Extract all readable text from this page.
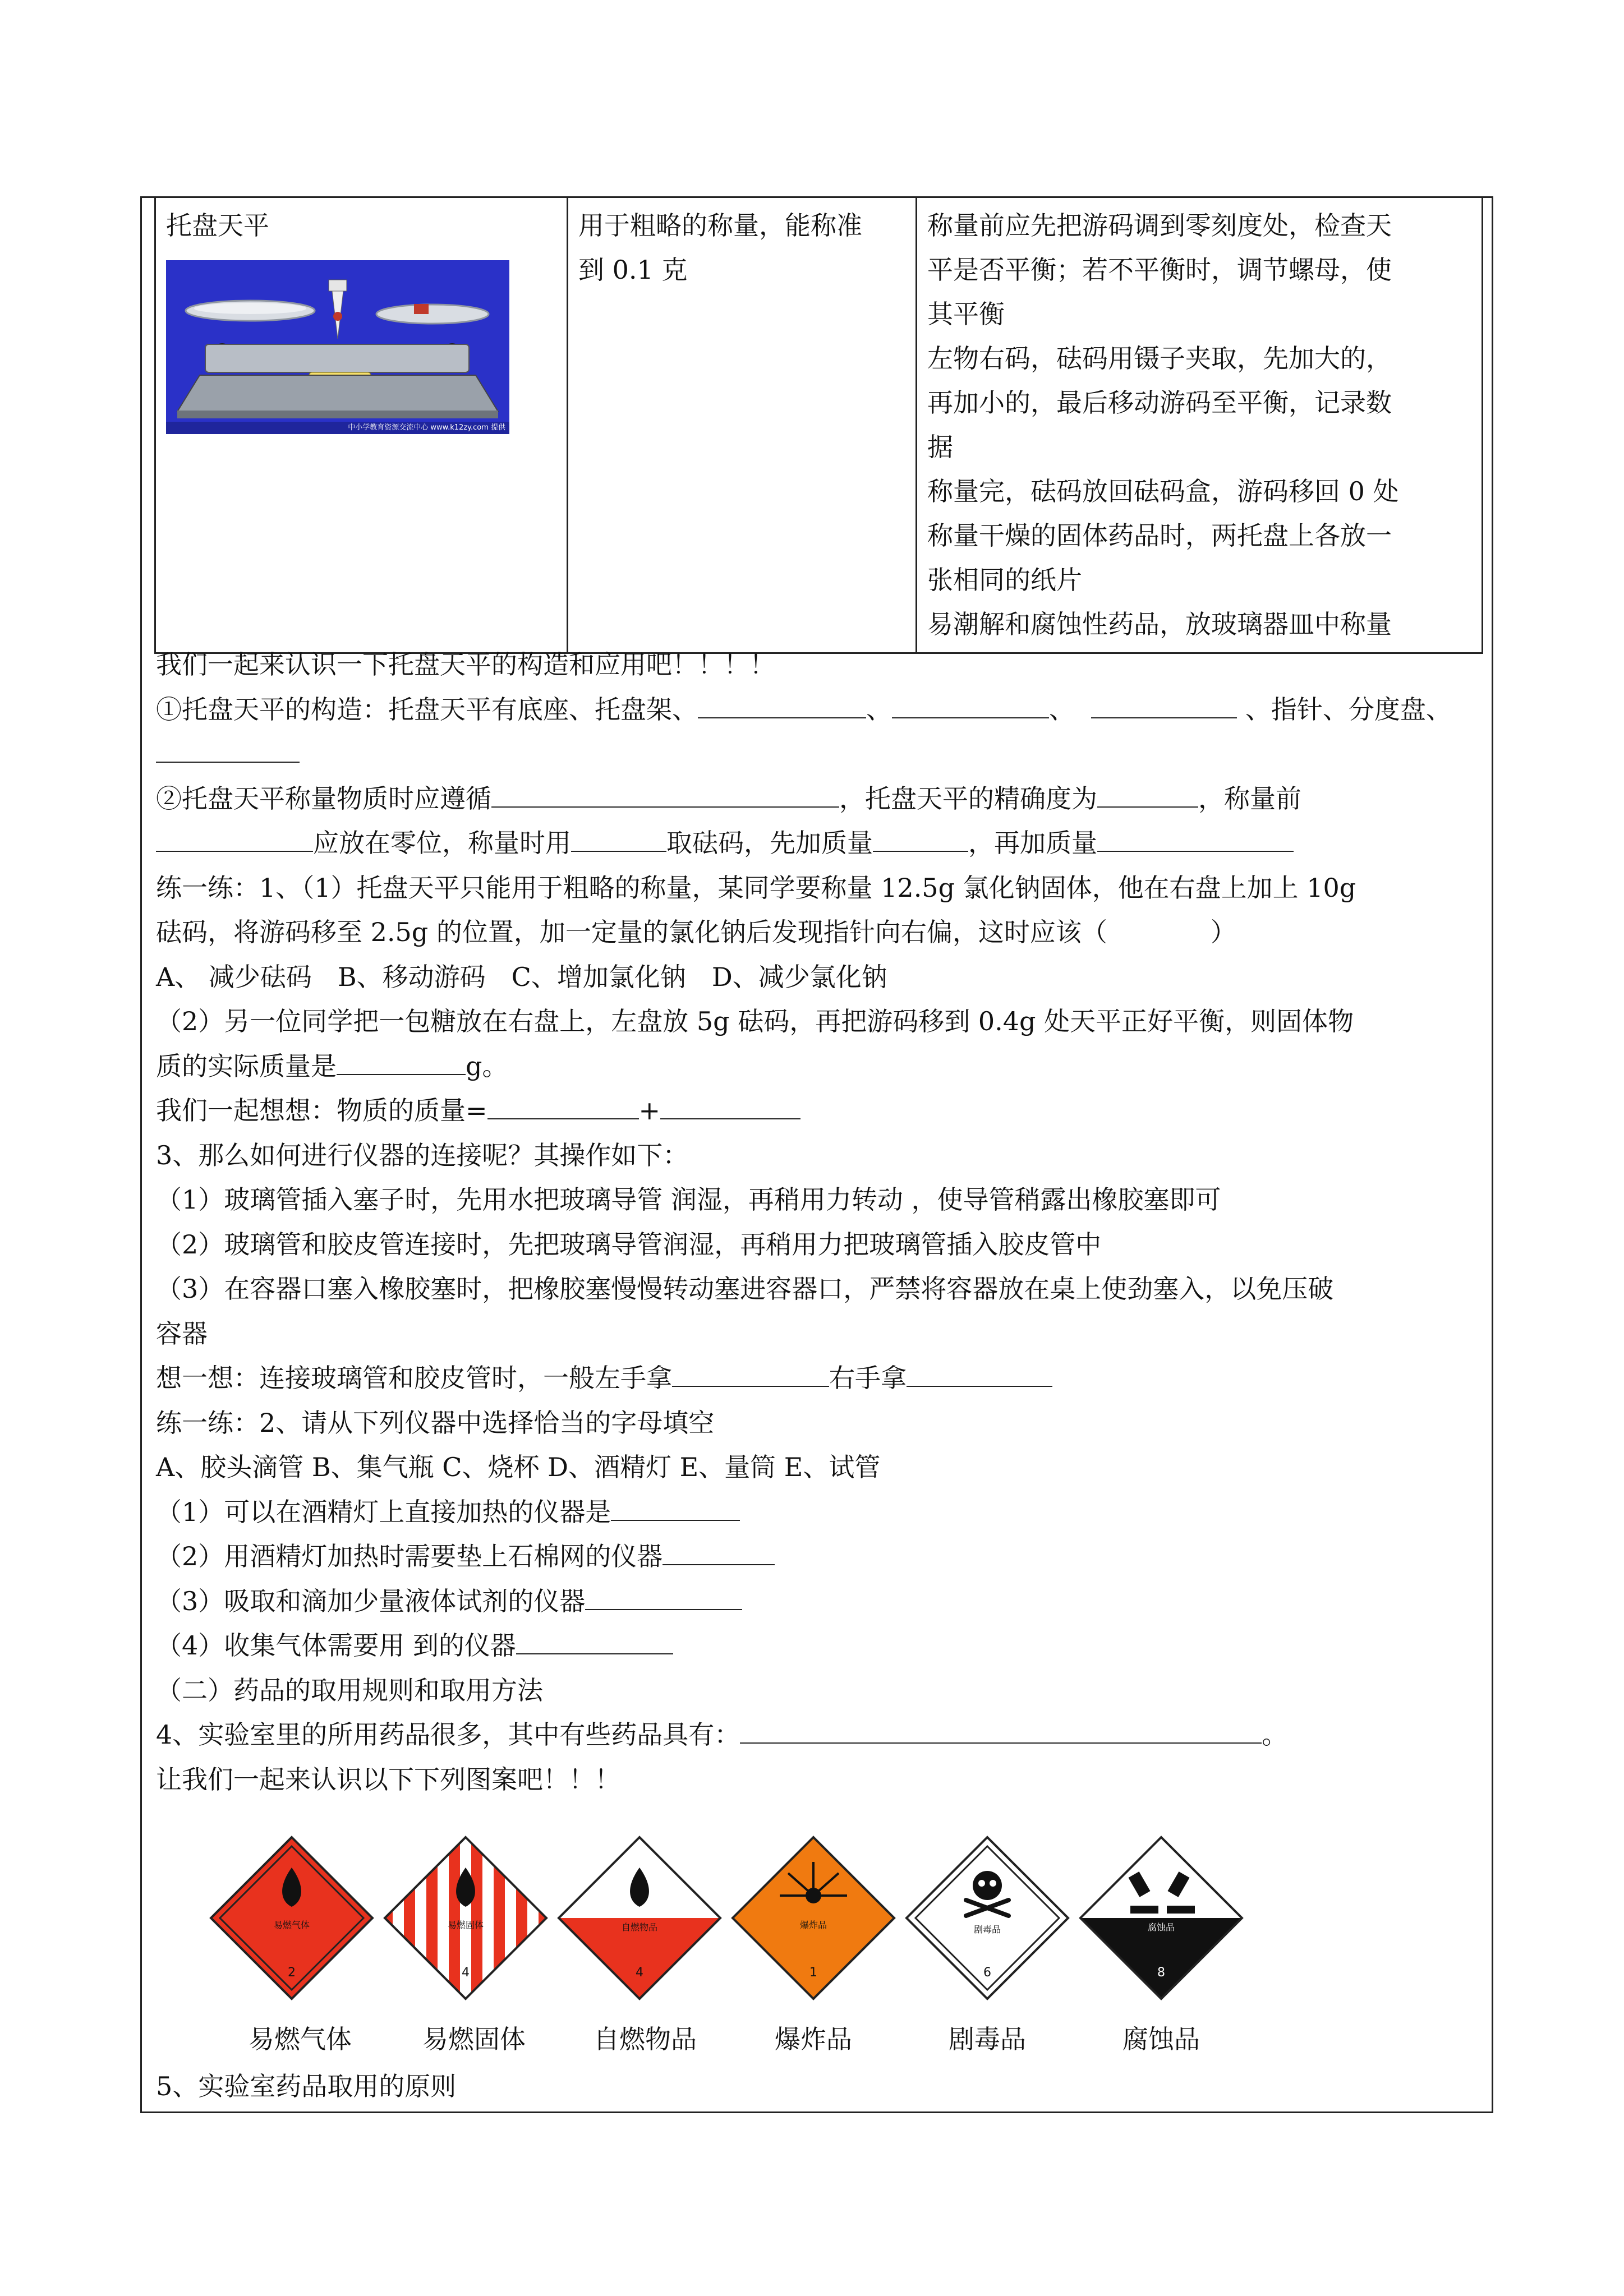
托盘天平
中小学教育资源交流中心 www.k12zy.com 提供

用于粗略的称量，能称准
到 0.1 克

称量前应先把游码调到零刻度处，检查天
平是否平衡；若不平衡时，调节螺母，使
其平衡
左物右码，砝码用镊子夹取，先加大的，
再加小的，最后移动游码至平衡，记录数
据
称量完，砝码放回砝码盒，游码移回 0 处
称量干燥的固体药品时，两托盘上各放一
张相同的纸片
易潮解和腐蚀性药品，放玻璃器皿中称量

我们一起来认识一下托盘天平的构造和应用吧！！！！

①托盘天平的构造：托盘天平有底座、托盘架、	、	、	、指针、分度盘、

②托盘天平称量物质时应遵循	，托盘天平的精确度为	，称量前

应放在零位，称量时用	取砝码，先加质量	，再加质量

练一练：1、（1）托盘天平只能用于粗略的称量，某同学要称量 12.5g 氯化钠固体，他在右盘上加上 10g

砝码，将游码移至 2.5g 的位置，加一定量的氯化钠后发现指针向右偏，这时应该（　　　　）

A、 减少砝码　B、移动游码　C、增加氯化钠　D、减少氯化钠

（2）另一位同学把一包糖放在右盘上，左盘放 5g 砝码，再把游码移到 0.4g 处天平正好平衡，则固体物

质的实际质量是	g。

我们一起想想：物质的质量=	+

3、那么如何进行仪器的连接呢？其操作如下：

（1）玻璃管插入塞子时，先用水把玻璃导管 润湿，再稍用力转动 ，使导管稍露出橡胶塞即可

（2）玻璃管和胶皮管连接时，先把玻璃导管润湿，再稍用力把玻璃管插入胶皮管中

（3）在容器口塞入橡胶塞时，把橡胶塞慢慢转动塞进容器口，严禁将容器放在桌上使劲塞入，以免压破

容器

想一想：连接玻璃管和胶皮管时，一般左手拿	右手拿

练一练：2、请从下列仪器中选择恰当的字母填空

A、胶头滴管 B、集气瓶 C、烧杯 D、酒精灯 E、量筒 E、试管

（1）可以在酒精灯上直接加热的仪器是

（2）用酒精灯加热时需要垫上石棉网的仪器

（3）吸取和滴加少量液体试剂的仪器

（4）收集气体需要用 到的仪器

（二）药品的取用规则和取用方法

4、实验室里的所用药品很多，其中有些药品具有：	。

让我们一起来认识以下下列图案吧！！！

易燃气体
2
易燃固体
4
自燃物品
4
爆炸品
1
剧毒品
6
腐蚀品
8
易燃气体	易燃固体	自燃物品	爆炸品	剧毒品	腐蚀品
5、实验室药品取用的原则
